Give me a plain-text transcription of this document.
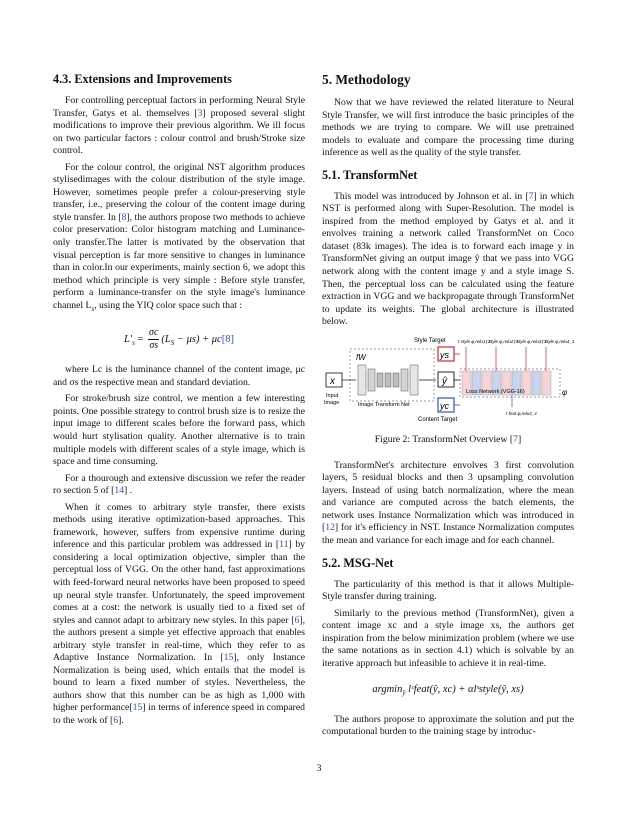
4.3. Extensions and Improvements

For controlling perceptual factors in performing Neural Style Transfer, Gatys et al. themselves [3] proposed several slight modifications to improve their previous algorithm. We ill focus on two particular factors : colour control and brush/Stroke size control.

For the colour control, the original NST algorithm produces stylisedimages with the colour distribution of the style image. However, sometimes people prefer a colour-preserving style transfer, i.e., preserving the colour of the content image during style transfer. In [8], the authors propose two methods to achieve color preservation: Color histogram matching and Luminance-only transfer.The latter is motivated by the observation that visual perception is far more sensitive to changes in luminance than in color.In our experiments, mainly section 6, we adopt this method which principle is very simple : Before style transfer, perform a luminance-transfer on the style image's luminance channel $L_s$, using the YIQ color space such that :

$L'_s = \frac{\sigma c}{\sigma s} (L_S - \mu s) + \mu c[8]$

where Lc is the luminance channel of the content image, μc and σs the respective mean and standard deviation.

For stroke/brush size control, we mention a few interesting points. One possible strategy to control brush size is to resize the input image to different scales before the forward pass, which would hurt stylisation quality. Another alternative is to train multiple models with different scales of a style image, which is space and time consuming.

For a thourough and extensive discussion we refer the reader ro section 5 of [14] .

When it comes to arbitrary style transfer, there exists methods using iterative optimization-based approaches. This framework, however, suffers from expensive runtime during inference and this particular problem was addressed in [11] by considering a local optimization objective, simpler than the perceptual loss of VGG. On the other hand, fast approximations with feed-forward neural networks have been proposed to speed up neural style transfer. Unfortunately, the speed improvement comes at a cost: the network is usually tied to a fixed set of styles and cannot adapt to arbitrary new styles. In this paper [6], the authors present a simple yet effective approach that enables arbitrary style transfer in real-time, which they refer to as Adaptive Instance Normalization. In [15], only Instance Normalization is being used, which entails that the model is bound to learn a fixed number of styles. Nevertheless, the authors show that this number can be as high as 1,000 with higher performance[15] in terms of inference speed in compared to the work of [6].

5. Methodology

Now that we have reviewed the related literature to Neural Style Transfer, we will first introduce the basic principles of the methods we are trying to compare. We will use pretrained models to evaluate and compare the processing time during inference as well as the quality of the style transfer.

5.1. TransformNet

This model was introduced by Johnson et al. in [7] in which NST is performed along with Super-Resolution. The model is inspired from the method employed by Gatys et al. and it envolves training a network called TransformNet on Coco dataset (83k images). The idea is to forward each image y in TransformNet giving an output image ŷ that we pass into VGG network along with the content image y and a style image S. Then, the perceptual loss can be calculated using the feature extraction in VGG and we backpropagate through TransformNet to update its weights. The global architecture is illustrated below.

Style Target	ℓ style φ,relu1_2
ℓ style φ,relu2_2
ℓ style φ,relu3_3
ℓ style φ,relu4_3
fW
x
Input
Image	Image Transform Net
ys
ŷ
yc
Content Target
Loss Network (VGG-16)	φ
ℓ feat φ,relu3_3
Figure 2: TransformNet Overview [7]

TransformNet's architecture envolves 3 first convolution layers, 5 residual blocks and then 3 upsampling convolution layers. Instead of using batch normalization, where the mean and variance are computed across the batch elements, the network uses Instance Normalization which was introduced in [12] for it's efficiency in NST. Instance Normalization computes the mean and variance for each image and for each channel.

5.2. MSG-Net

The particularity of this method is that it allows Multiple-Style transfer during training.

Similarly to the previous method (TransformNet), given a content image xc and a style image xs, the authors get inspiration from the below minimization problem (where we use the same notations as in section 4.1) which is solvable by an iterative approach but infeasible to achieve it in real-time.

argmin$_ŷ$ lᶜfeat(ŷ, xc) + αlˢstyle(ŷ, xs)

The authors propose to approximate the solution and put the computational burden to the training stage by introduc-

3
